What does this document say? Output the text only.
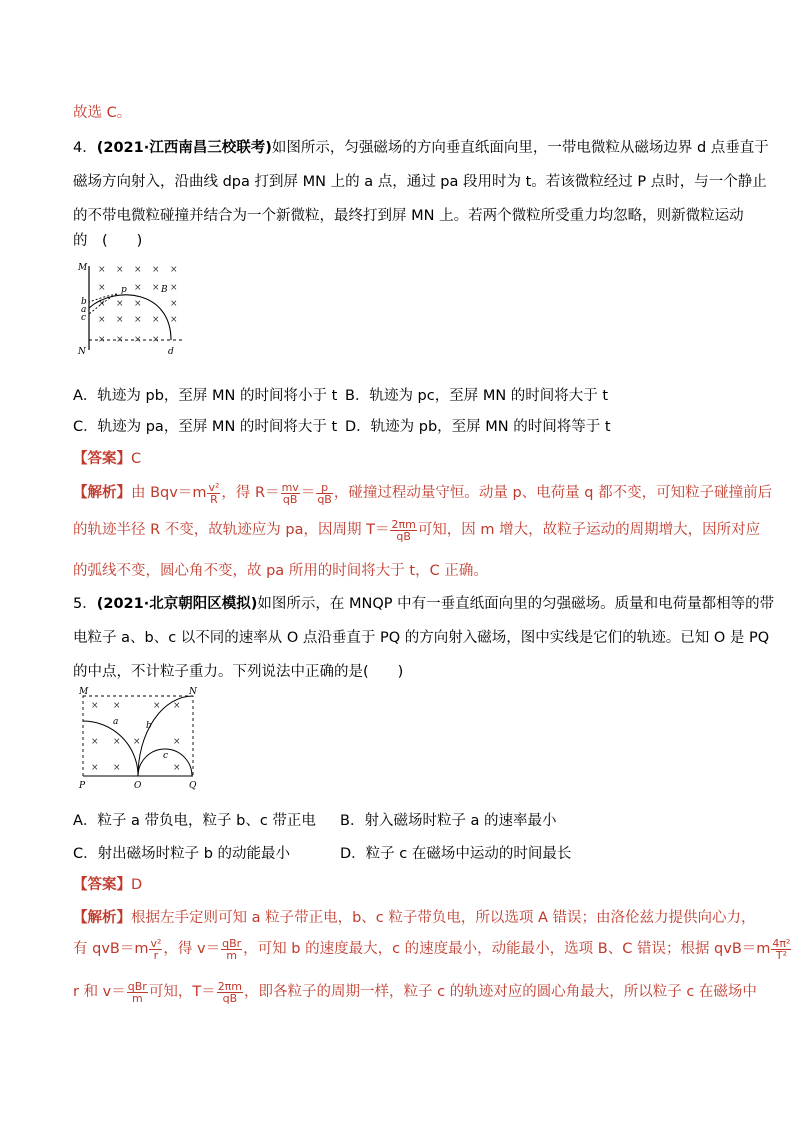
故选 C。
4．(2021·江西南昌三校联考)如图所示，匀强磁场的方向垂直纸面向里，一带电微粒从磁场边界 d 点垂直于
磁场方向射入，沿曲线 dpa 打到屏 MN 上的 a 点，通过 pa 段用时为 t。若该微粒经过 P 点时，与一个静止
的不带电微粒碰撞并结合为一个新微粒，最终打到屏 MN 上。若两个微粒所受重力均忽略，则新微粒运动
的　(　　)
× × × × ×
×	× × ×
× × ×	×
× × × × ×
× × × ×
M
N
b
a
c
p	B
d
A．轨迹为 pb，至屏 MN 的时间将小于 t B．轨迹为 pc，至屏 MN 的时间将大于 t
C．轨迹为 pa，至屏 MN 的时间将大于 t D．轨迹为 pb，至屏 MN 的时间将等于 t
【答案】C
【解析】由 $Bqv=m \frac{\text{v²}}{R}$ ，得 $R= \frac{mv}{qB} = \frac{p}{qB}$ ，碰撞过程动量守恒。动量 p、电荷量 q 都不变，可知粒子碰撞前后
的轨迹半径 R 不变，故轨迹应为 pa，因周期 $T= \frac{2\pi m}{qB}$ 可知，因 m 增大，故粒子运动的周期增大，因所对应
的弧线不变，圆心角不变，故 pa 所用的时间将大于 t，C 正确。
5．(2021·北京朝阳区模拟)如图所示，在 MNQP 中有一垂直纸面向里的匀强磁场。质量和电荷量都相等的带
电粒子 a、b、c 以不同的速率从 O 点沿垂直于 PQ 的方向射入磁场，图中实线是它们的轨迹。已知 O 是 PQ
的中点，不计粒子重力。下列说法中正确的是(　　)
× ×	× ×
× × ×	×
× ×	×
M	N
P	Q
O
a	b
c
A．粒子 a 带负电，粒子 b、c 带正电 B．射入磁场时粒子 a 的速率最小
C．射出磁场时粒子 b 的动能最小	D．粒子 c 在磁场中运动的时间最长
【答案】D
【解析】根据左手定则可知 a 粒子带正电，b、c 粒子带负电，所以选项 A 错误；由洛伦兹力提供向心力，
有 $qvB=m \frac{\text{v²}}{r}$ ，得 $v= \frac{\text{qBr}}{m}$ ，可知 b 的速度最大，c 的速度最小，动能最小，选项 B、C 错误；根据 $qvB=m \frac{\text{4π²}}{\text{T²}}$
r 和 $v= \frac{\text{qBr}}{m}$ 可知，$T= \frac{2\pi m}{qB}$ ，即各粒子的周期一样，粒子 c 的轨迹对应的圆心角最大，所以粒子 c 在磁场中
